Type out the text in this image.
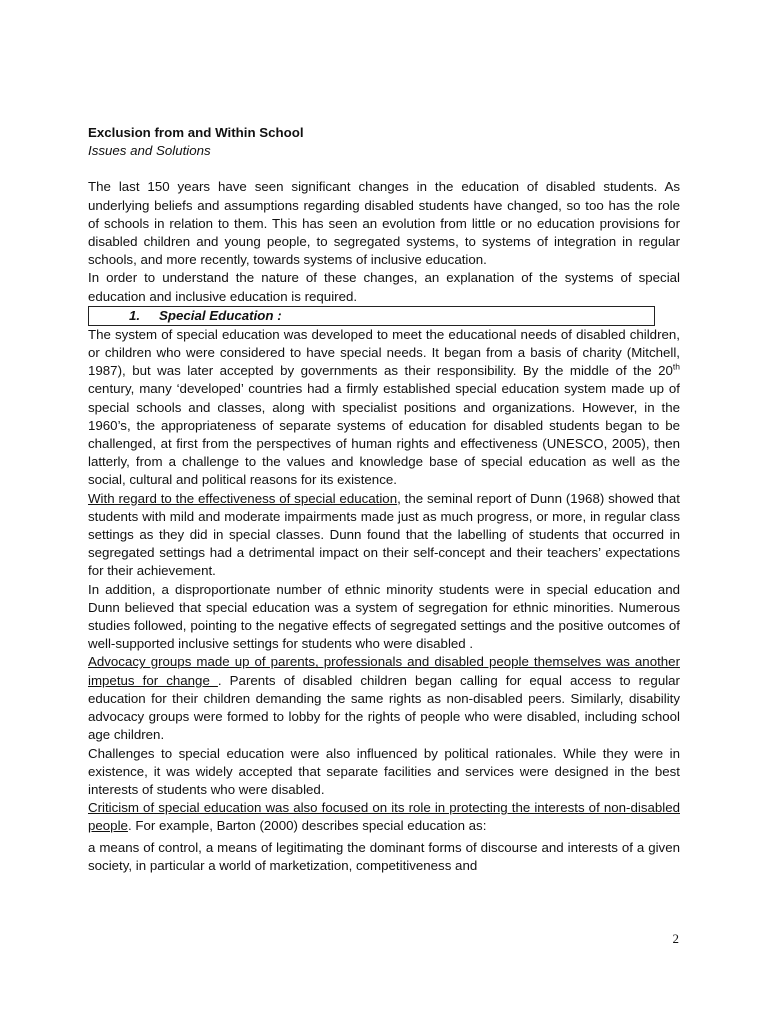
Exclusion from and Within School
Issues and Solutions

The last 150 years have seen significant changes in the education of disabled students. As underlying beliefs and assumptions regarding disabled students have changed, so too has the role of schools in relation to them. This has seen an evolution from little or no education provisions for disabled children and young people, to segregated systems, to systems of integration in regular schools, and more recently, towards systems of inclusive education.

In order to understand the nature of these changes, an explanation of the systems of special education and inclusive education is required.

1. Special Education :

The system of special education was developed to meet the educational needs of disabled children, or children who were considered to have special needs. It began from a basis of charity (Mitchell, 1987), but was later accepted by governments as their responsibility. By the middle of the 20th century, many ‘developed’ countries had a firmly established special education system made up of special schools and classes, along with specialist positions and organizations. However, in the 1960’s, the appropriateness of separate systems of education for disabled students began to be challenged, at first from the perspectives of human rights and effectiveness (UNESCO, 2005), then latterly, from a challenge to the values and knowledge base of special education as well as the social, cultural and political reasons for its existence.

With regard to the effectiveness of special education, the seminal report of Dunn (1968) showed that students with mild and moderate impairments made just as much progress, or more, in regular class settings as they did in special classes. Dunn found that the labelling of students that occurred in segregated settings had a detrimental impact on their self-concept and their teachers’ expectations for their achievement.

In addition, a disproportionate number of ethnic minority students were in special education and Dunn believed that special education was a system of segregation for ethnic minorities. Numerous studies followed, pointing to the negative effects of segregated settings and the positive outcomes of well-supported inclusive settings for students who were disabled .

Advocacy groups made up of parents, professionals and disabled people themselves was another impetus for change . Parents of disabled children began calling for equal access to regular education for their children demanding the same rights as non-disabled peers. Similarly, disability advocacy groups were formed to lobby for the rights of people who were disabled, including school age children.

Challenges to special education were also influenced by political rationales. While they were in existence, it was widely accepted that separate facilities and services were designed in the best interests of students who were disabled.

Criticism of special education was also focused on its role in protecting the interests of non-disabled people. For example, Barton (2000) describes special education as:

a means of control, a means of legitimating the dominant forms of discourse and interests of a given society, in particular a world of marketization, competitiveness and

2
